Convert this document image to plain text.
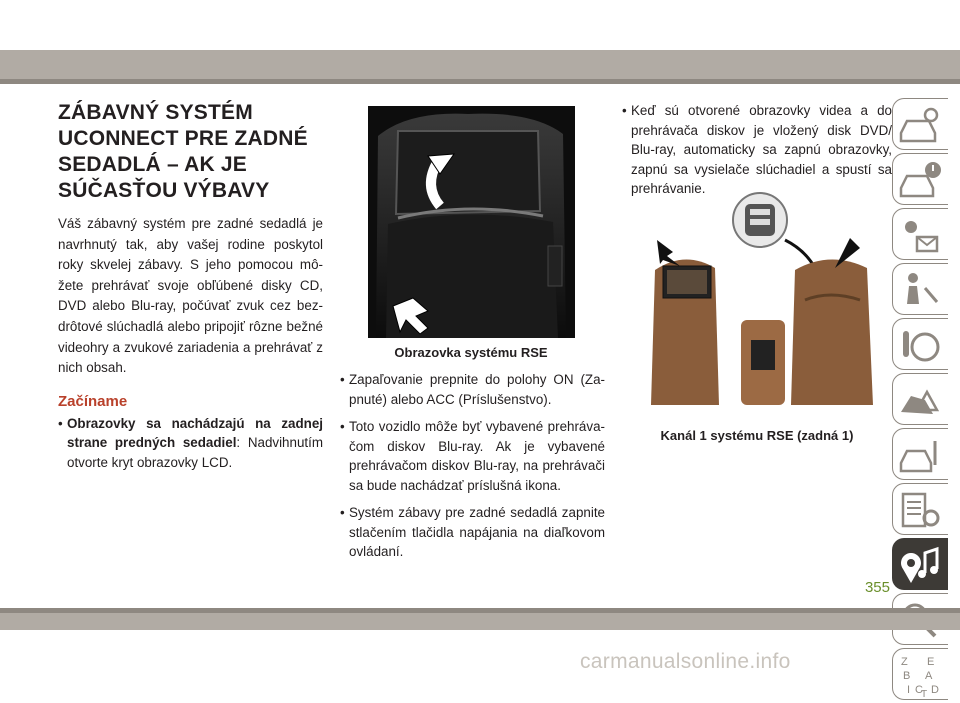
ZÁBAVNÝ SYSTÉM
UCONNECT PRE ZADNÉ
SEDADLÁ – AK JE
SÚČASŤOU VÝBAVY

Váš zábavný systém pre zadné sedadlá je navrhnutý tak, aby vašej rodine poskytol roky skvelej zábavy. S jeho pomocou môžete prehrávať svoje obľúbené disky CD, DVD alebo Blu-ray, počúvať zvuk cez bezdrôtové slúchadlá alebo pripojiť rôzne bežné videohry a zvukové zariadenia a prehrávať z nich obsah.

Začíname
• Obrazovky sa nachádzajú na zadnej strane predných sedadiel: Nadvihnutím otvorte kryt obrazovky LCD.
Obrazovka systému RSE
• Zapaľovanie prepnite do polohy ON (Zapnuté) alebo ACC (Príslušenstvo).
• Toto vozidlo môže byť vybavené prehrávačom diskov Blu-ray. Ak je vybavené prehrávačom diskov Blu-ray, na prehrávači sa bude nachádzať príslušná ikona.
• Systém zábavy pre zadné sedadlá zapnite stlačením tlačidla napájania na diaľkovom ovládaní.
• Keď sú otvorené obrazovky videa a do prehrávača diskov je vložený disk DVD/ Blu-ray, automaticky sa zapnú obrazovky, zapnú sa vysielače slúchadiel a spustí sa prehrávanie.
Kanál 1 systému RSE (zadná 1)
Z E
B A
I C D
T
355
carmanualsonline.info
